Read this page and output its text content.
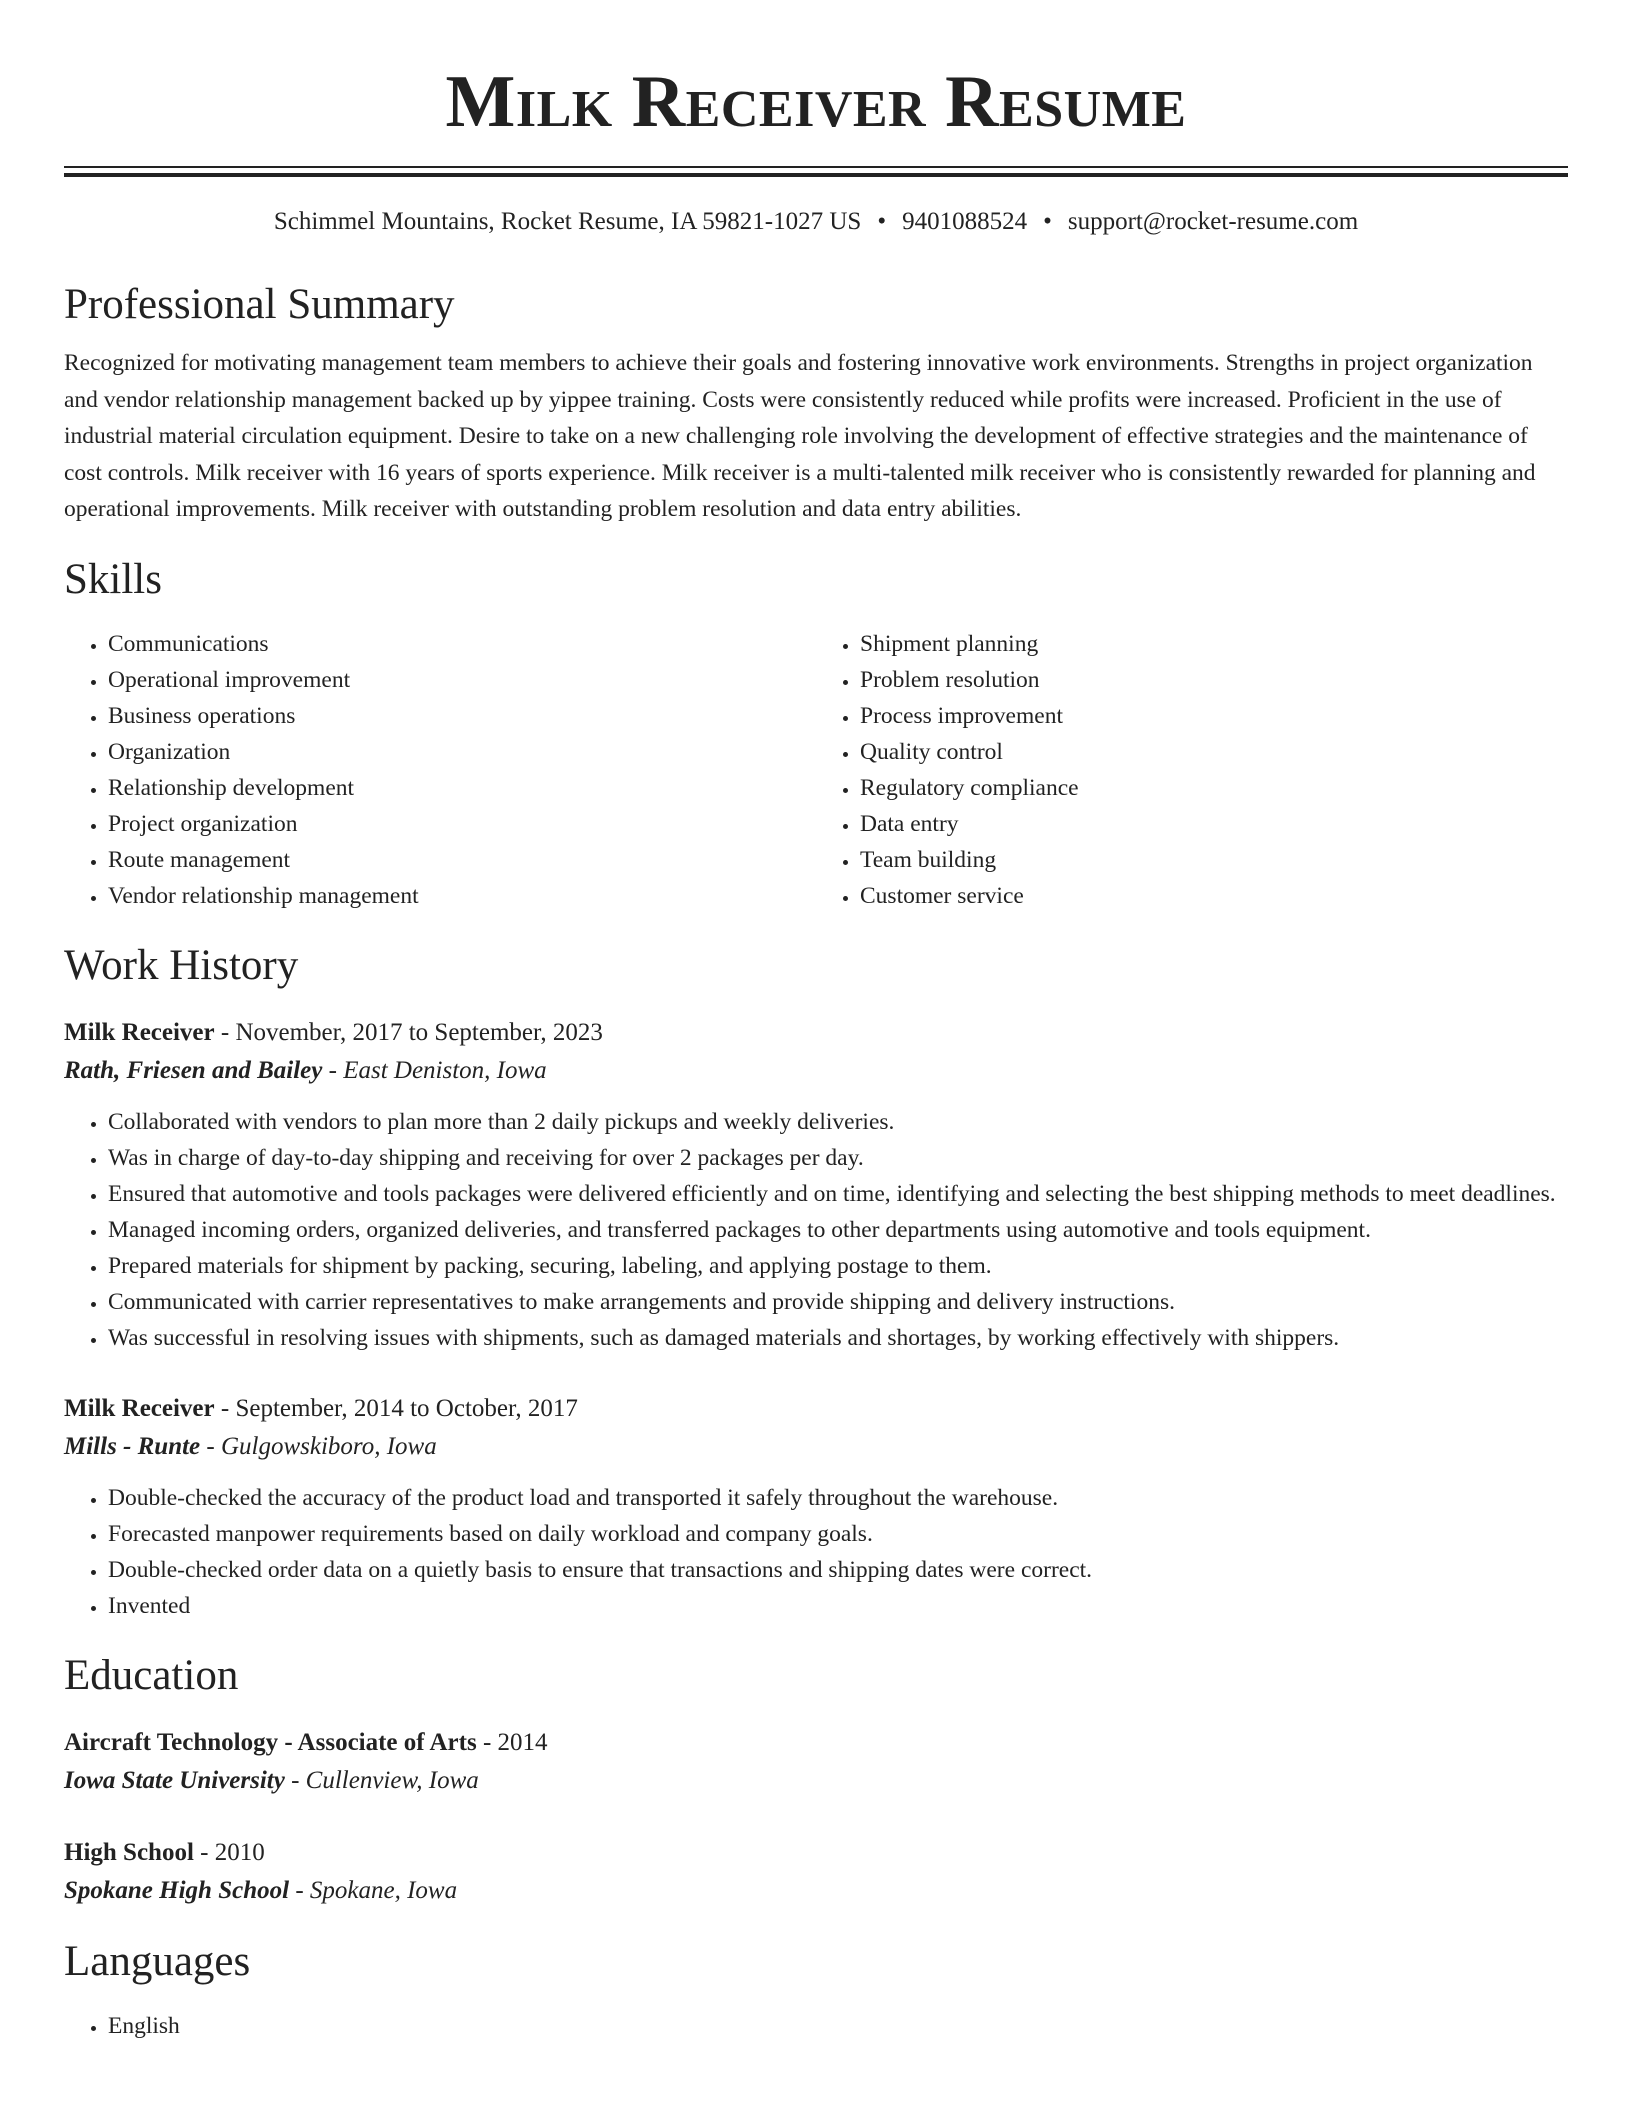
Milk Receiver Resume
Schimmel Mountains, Rocket Resume, IA 59821-1027 US • 9401088524 • support@rocket-resume.com
Professional Summary

Recognized for motivating management team members to achieve their goals and fostering innovative work environments. Strengths in project organization and vendor relationship management backed up by yippee training. Costs were consistently reduced while profits were increased. Proficient in the use of industrial material circulation equipment. Desire to take on a new challenging role involving the development of effective strategies and the maintenance of cost controls. Milk receiver with 16 years of sports experience. Milk receiver is a multi-talented milk receiver who is consistently rewarded for planning and operational improvements. Milk receiver with outstanding problem resolution and data entry abilities.

Skills
• Communications
• Operational improvement
• Business operations
• Organization
• Relationship development
• Project organization
• Route management
• Vendor relationship management
• Shipment planning
• Problem resolution
• Process improvement
• Quality control
• Regulatory compliance
• Data entry
• Team building
• Customer service
Work History
Milk Receiver - November, 2017 to September, 2023
Rath, Friesen and Bailey - East Deniston, Iowa
• Collaborated with vendors to plan more than 2 daily pickups and weekly deliveries.
• Was in charge of day-to-day shipping and receiving for over 2 packages per day.
• Ensured that automotive and tools packages were delivered efficiently and on time, identifying and selecting the best shipping methods to meet deadlines.
• Managed incoming orders, organized deliveries, and transferred packages to other departments using automotive and tools equipment.
• Prepared materials for shipment by packing, securing, labeling, and applying postage to them.
• Communicated with carrier representatives to make arrangements and provide shipping and delivery instructions.
• Was successful in resolving issues with shipments, such as damaged materials and shortages, by working effectively with shippers.
Milk Receiver - September, 2014 to October, 2017
Mills - Runte - Gulgowskiboro, Iowa
• Double-checked the accuracy of the product load and transported it safely throughout the warehouse.
• Forecasted manpower requirements based on daily workload and company goals.
• Double-checked order data on a quietly basis to ensure that transactions and shipping dates were correct.
• Invented
Education
Aircraft Technology - Associate of Arts - 2014
Iowa State University - Cullenview, Iowa
High School - 2010
Spokane High School - Spokane, Iowa
Languages
• English
